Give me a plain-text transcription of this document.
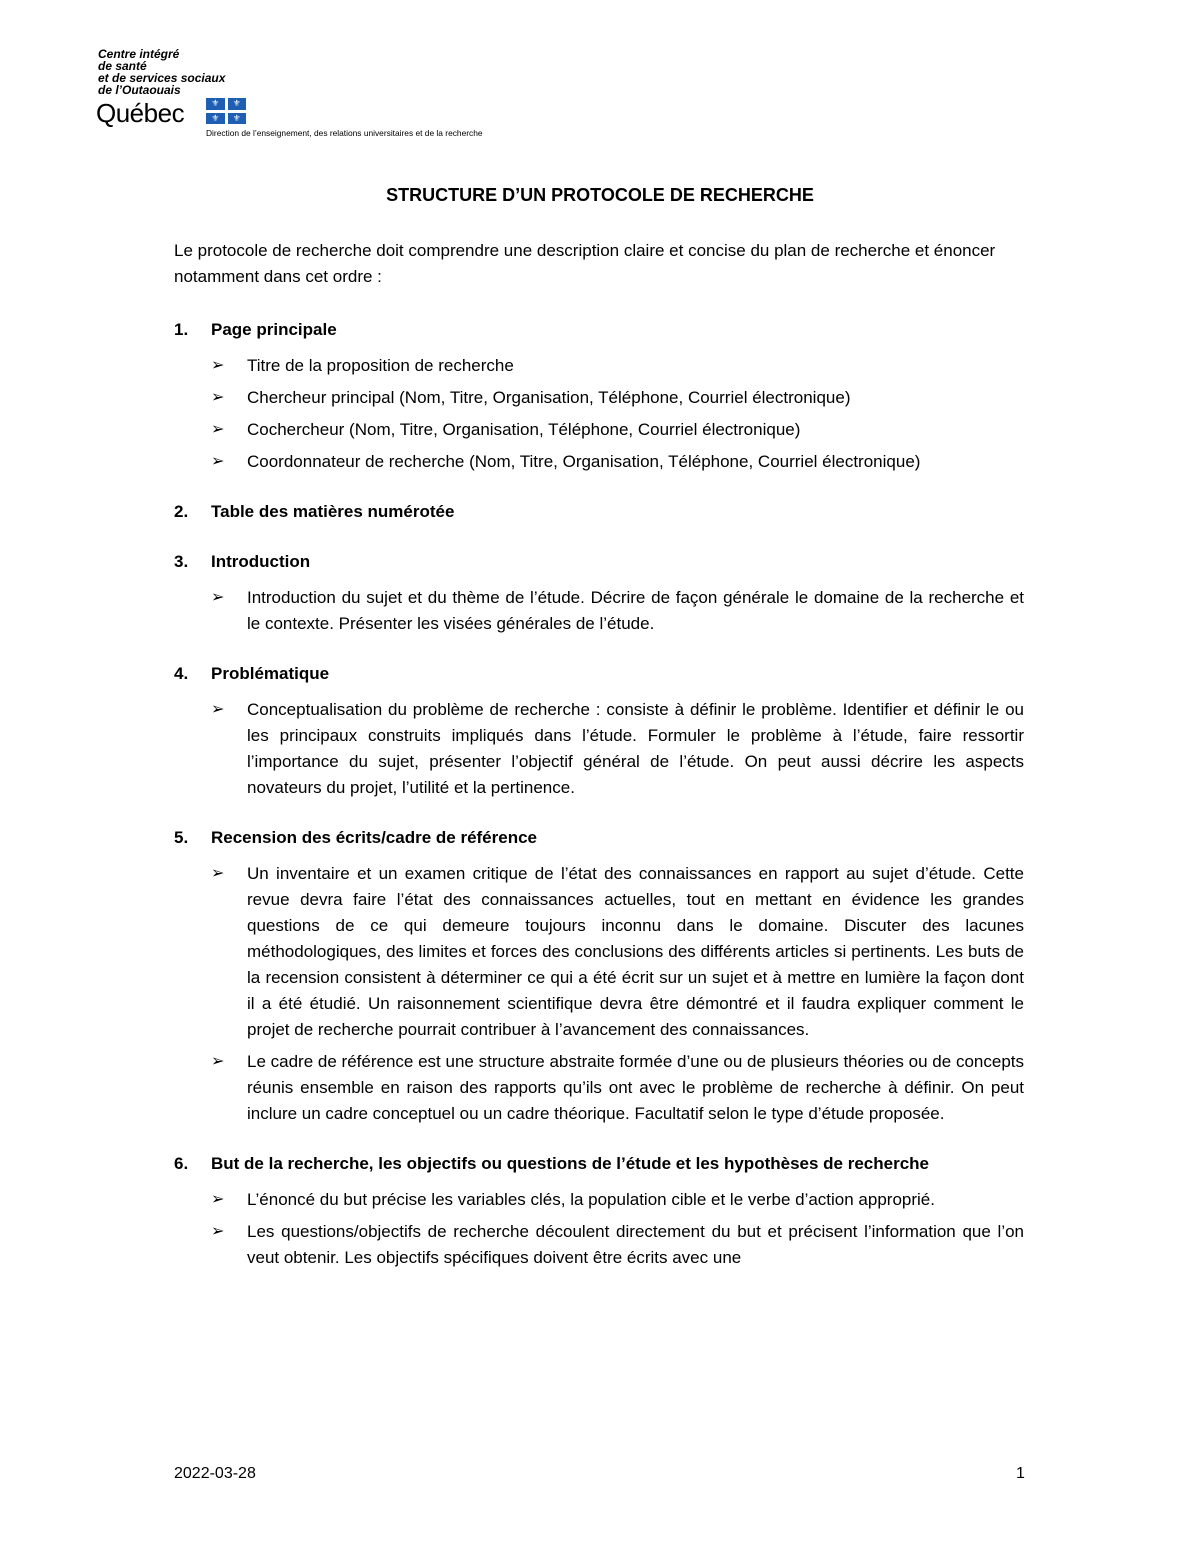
Centre intégré
de santé
et de services sociaux
de l’Outaouais
Québec	⚜	⚜
⚜	⚜
Direction de l’enseignement, des relations universitaires et de la recherche
STRUCTURE D’UN PROTOCOLE DE RECHERCHE

Le protocole de recherche doit comprendre une description claire et concise du plan de recherche et énoncer notamment dans cet ordre :

1. Page principale
➢	Titre de la proposition de recherche
➢	Chercheur principal (Nom, Titre, Organisation, Téléphone, Courriel électronique)
➢	Cochercheur (Nom, Titre, Organisation, Téléphone, Courriel électronique)
➢	Coordonnateur de recherche (Nom, Titre, Organisation, Téléphone, Courriel électronique)
2. Table des matières numérotée
3. Introduction
➢	Introduction du sujet et du thème de l’étude. Décrire de façon générale le domaine de la recherche et le contexte. Présenter les visées générales de l’étude.
4. Problématique
➢	Conceptualisation du problème de recherche : consiste à définir le problème. Identifier et définir le ou les principaux construits impliqués dans l’étude. Formuler le problème à l’étude, faire ressortir l’importance du sujet, présenter l’objectif général de l’étude. On peut aussi décrire les aspects novateurs du projet, l’utilité et la pertinence.
5. Recension des écrits/cadre de référence
➢	Un inventaire et un examen critique de l’état des connaissances en rapport au sujet d’étude. Cette revue devra faire l’état des connaissances actuelles, tout en mettant en évidence les grandes questions de ce qui demeure toujours inconnu dans le domaine. Discuter des lacunes méthodologiques, des limites et forces des conclusions des différents articles si pertinents. Les buts de la recension consistent à déterminer ce qui a été écrit sur un sujet et à mettre en lumière la façon dont il a été étudié. Un raisonnement scientifique devra être démontré et il faudra expliquer comment le projet de recherche pourrait contribuer à l’avancement des connaissances.
➢	Le cadre de référence est une structure abstraite formée d’une ou de plusieurs théories ou de concepts réunis ensemble en raison des rapports qu’ils ont avec le problème de recherche à définir. On peut inclure un cadre conceptuel ou un cadre théorique. Facultatif selon le type d’étude proposée.
6. But de la recherche, les objectifs ou questions de l’étude et les hypothèses de recherche
➢	L’énoncé du but précise les variables clés, la population cible et le verbe d’action approprié.
➢	Les questions/objectifs de recherche découlent directement du but et précisent l’information que l’on veut obtenir. Les objectifs spécifiques doivent être écrits avec une
2022-03-28	1
